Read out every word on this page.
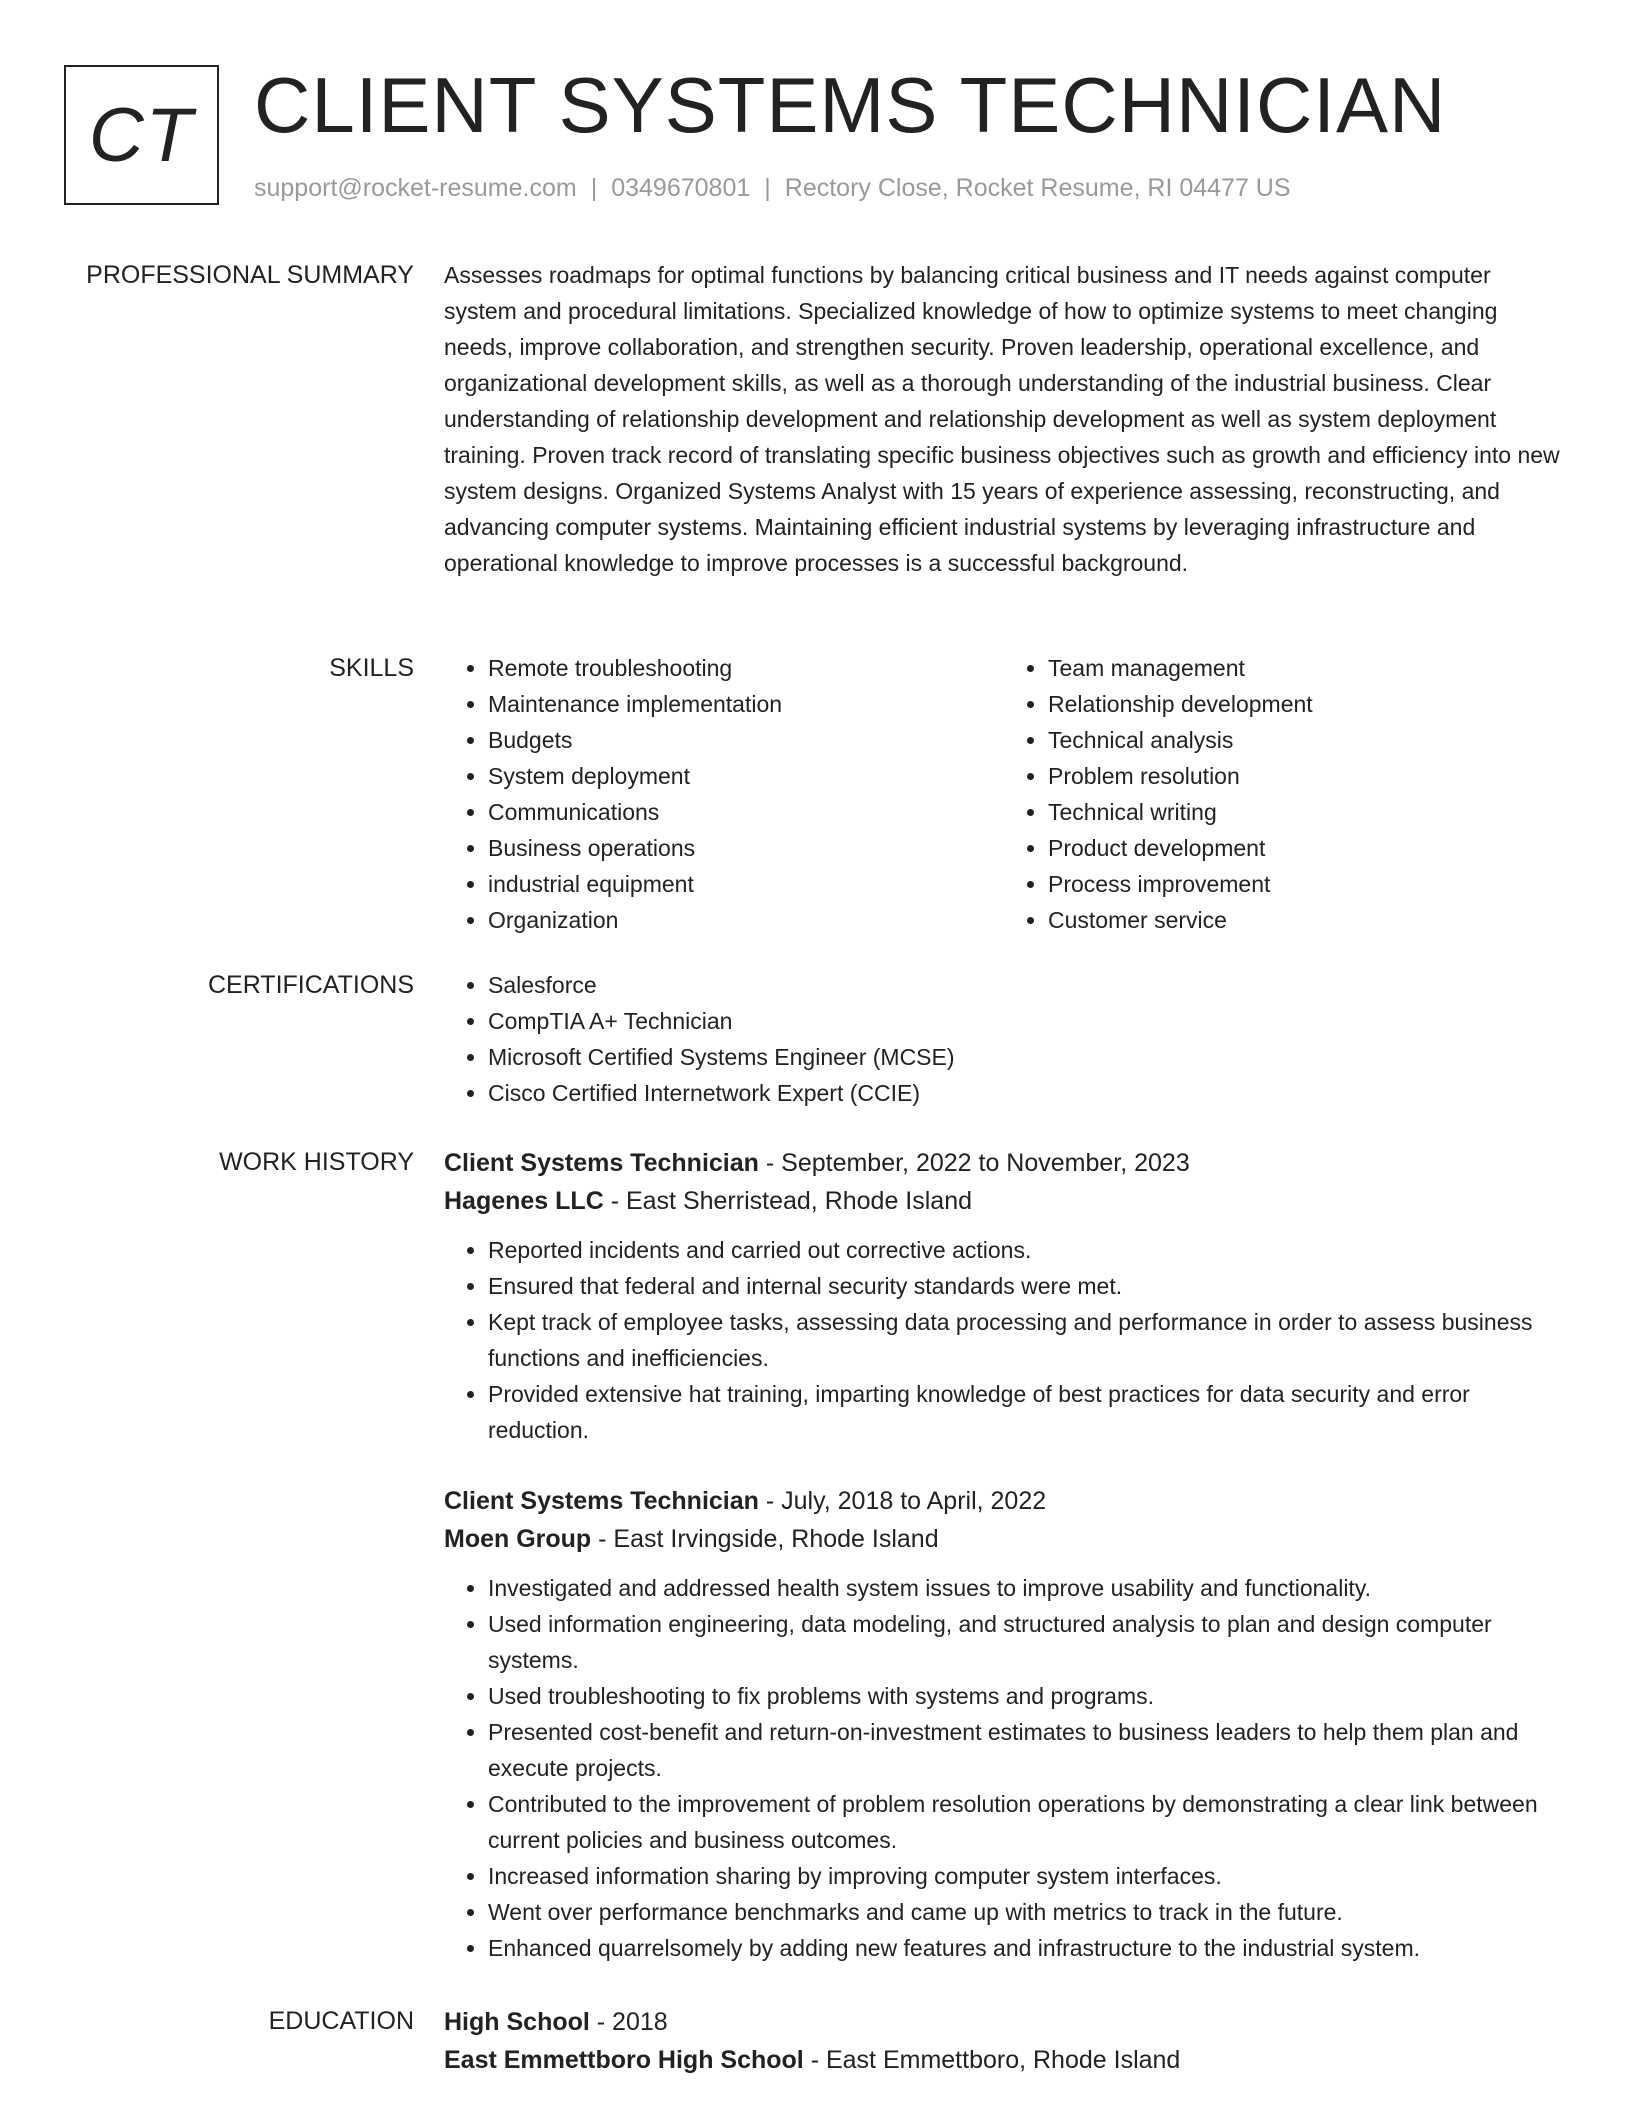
CT CLIENT SYSTEMS TECHNICIAN
support@rocket-resume.com | 0349670801 | Rectory Close, Rocket Resume, RI 04477 US
PROFESSIONAL SUMMARY Assesses roadmaps for optimal functions by balancing critical business and IT needs against computer system and procedural limitations. Specialized knowledge of how to optimize systems to meet changing needs, improve collaboration, and strengthen security. Proven leadership, operational excellence, and organizational development skills, as well as a thorough understanding of the industrial business. Clear understanding of relationship development and relationship development as well as system deployment training. Proven track record of translating specific business objectives such as growth and efficiency into new system designs. Organized Systems Analyst with 15 years of experience assessing, reconstructing, and advancing computer systems. Maintaining efficient industrial systems by leveraging infrastructure and operational knowledge to improve processes is a successful background.

SKILLS	• Remote troubleshooting
• Maintenance implementation
• Budgets
• System deployment
• Communications
• Business operations
• industrial equipment
• Organization
• Team management
• Relationship development
• Technical analysis
• Problem resolution
• Technical writing
• Product development
• Process improvement
• Customer service
CERTIFICATIONS	• Salesforce
• CompTIA A+ Technician
• Microsoft Certified Systems Engineer (MCSE)
• Cisco Certified Internetwork Expert (CCIE)
WORK HISTORY Client Systems Technician - September, 2022 to November, 2023
Hagenes LLC - East Sherristead, Rhode Island
• Reported incidents and carried out corrective actions.
• Ensured that federal and internal security standards were met.
• Kept track of employee tasks, assessing data processing and performance in order to assess business functions and inefficiencies.
• Provided extensive hat training, imparting knowledge of best practices for data security and error reduction.
Client Systems Technician - July, 2018 to April, 2022
Moen Group - East Irvingside, Rhode Island
• Investigated and addressed health system issues to improve usability and functionality.
• Used information engineering, data modeling, and structured analysis to plan and design computer systems.
• Used troubleshooting to fix problems with systems and programs.
• Presented cost-benefit and return-on-investment estimates to business leaders to help them plan and execute projects.
• Contributed to the improvement of problem resolution operations by demonstrating a clear link between current policies and business outcomes.
• Increased information sharing by improving computer system interfaces.
• Went over performance benchmarks and came up with metrics to track in the future.
• Enhanced quarrelsomely by adding new features and infrastructure to the industrial system.
EDUCATION High School - 2018
East Emmettboro High School - East Emmettboro, Rhode Island
